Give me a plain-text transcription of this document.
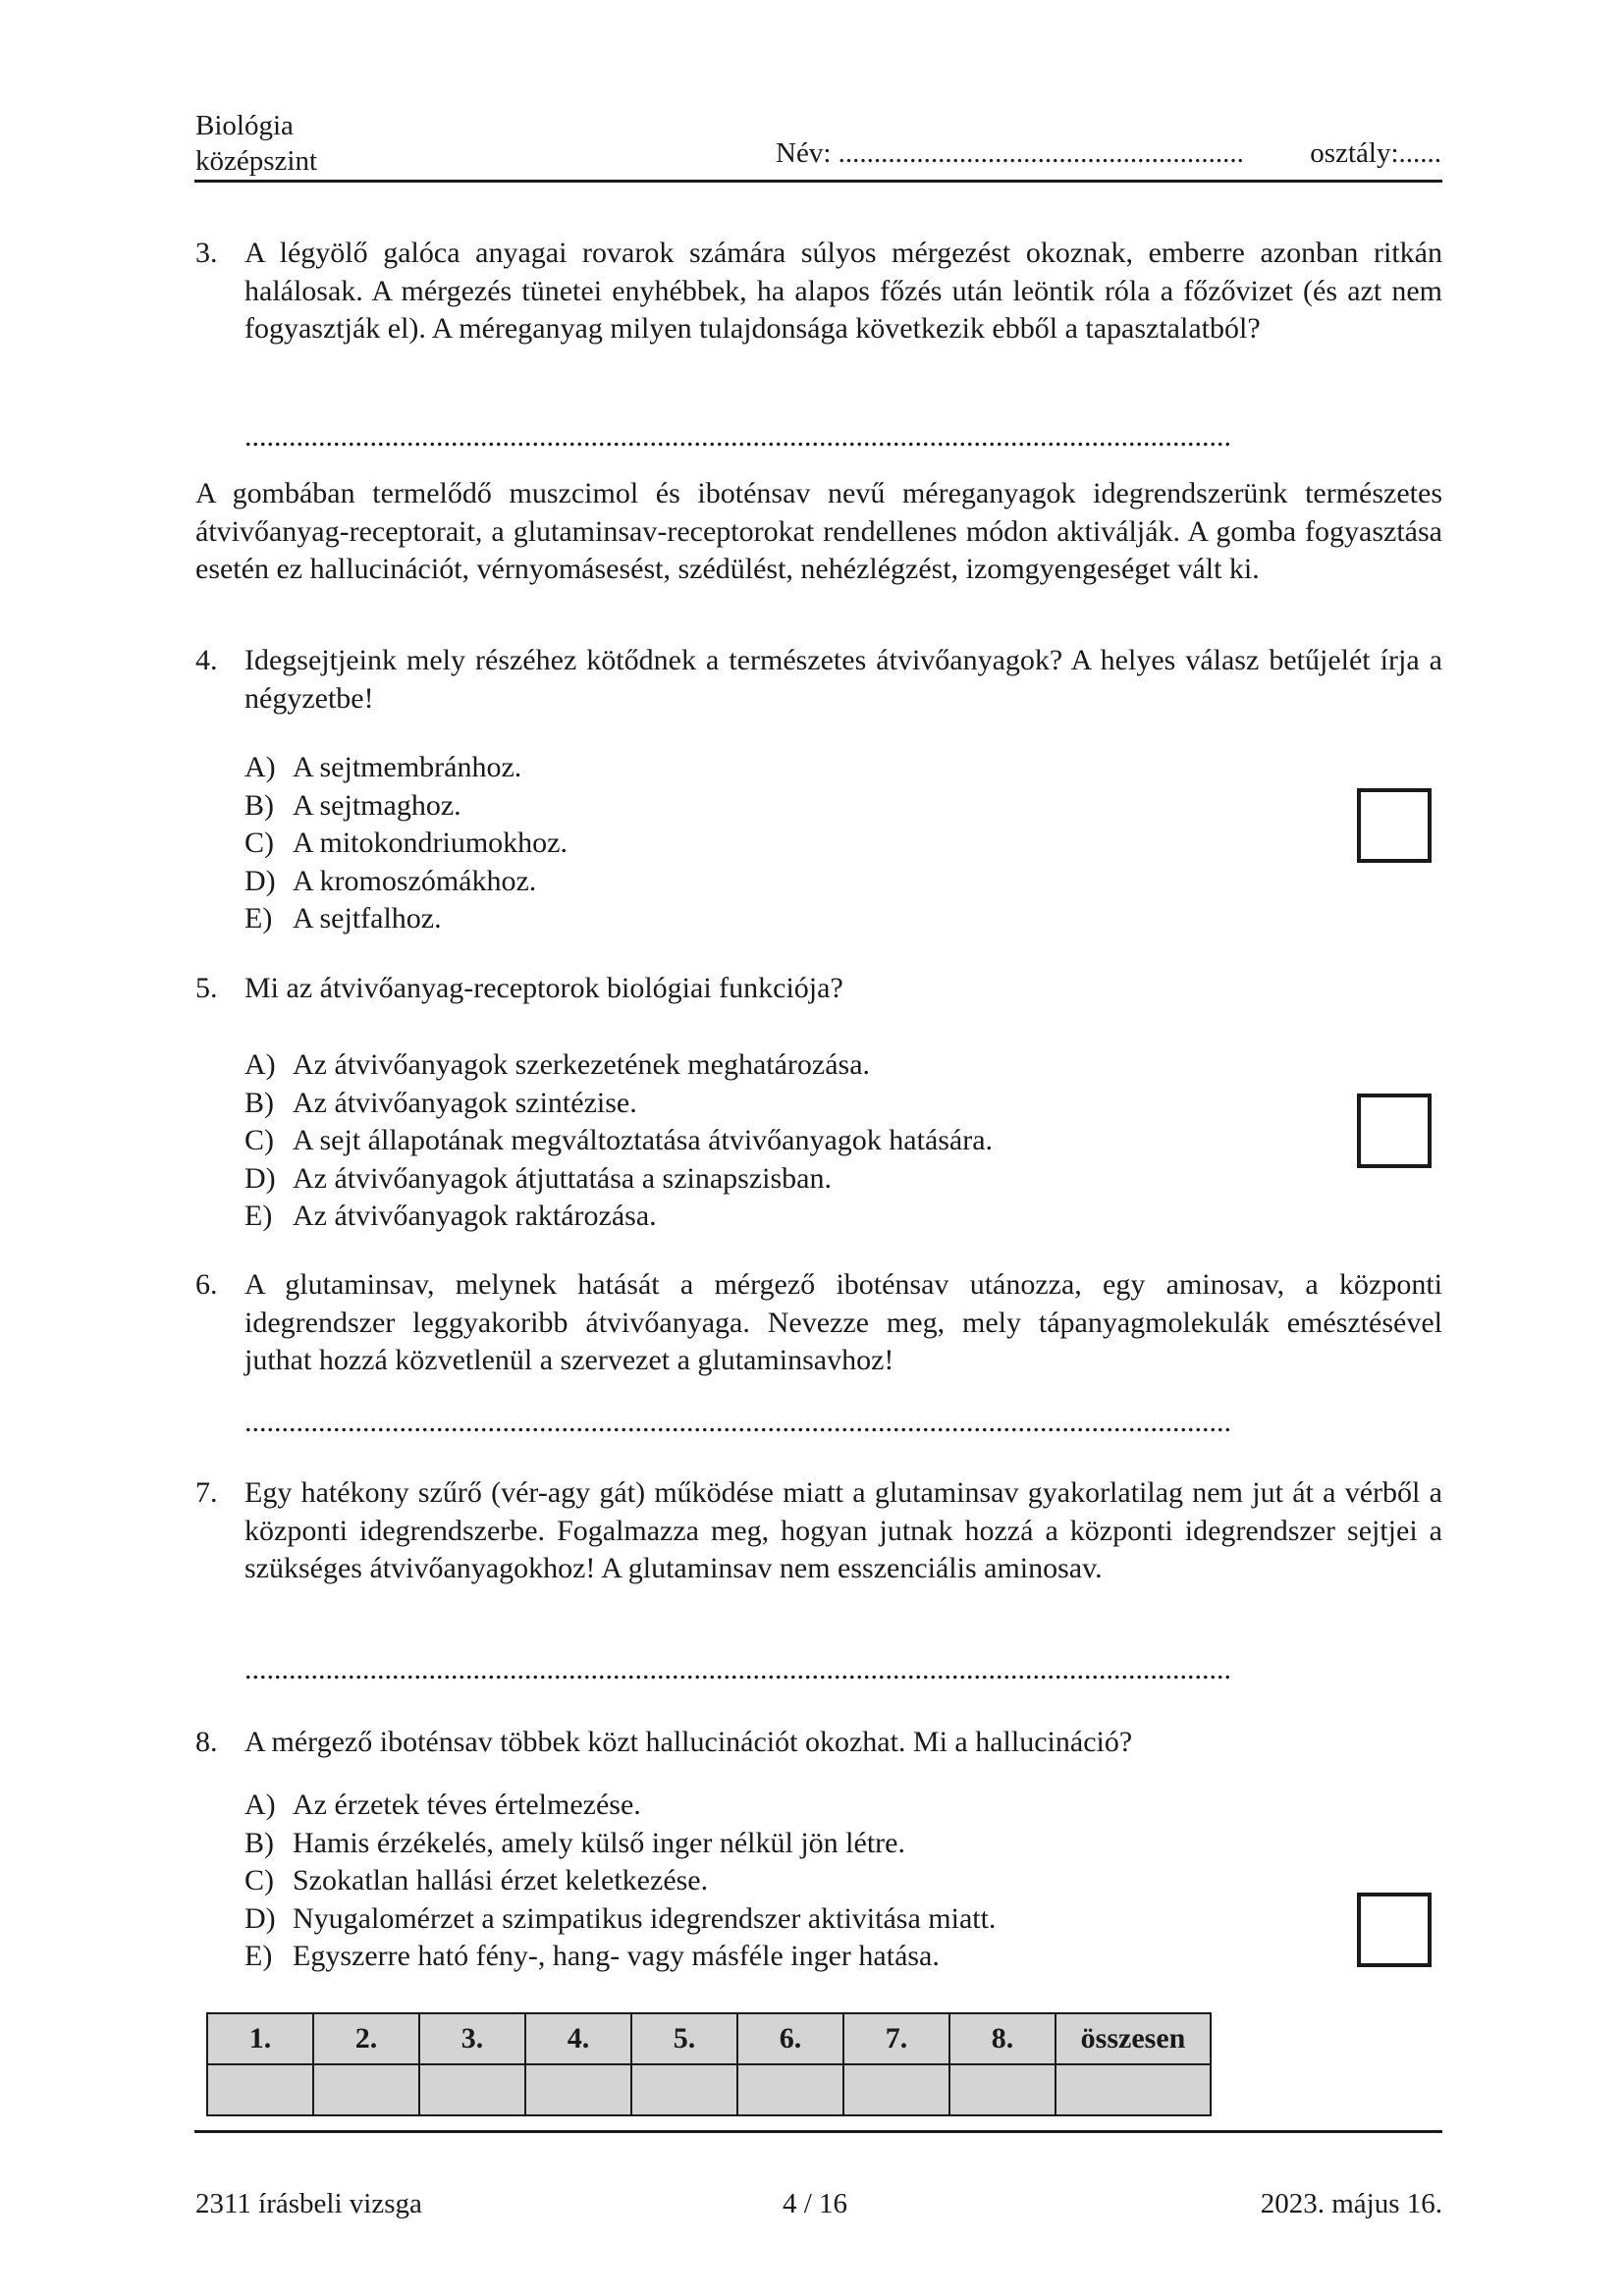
Biológia
középszint	Név: ......................................................... osztály:......
3. A légyölő galóca anyagai rovarok számára súlyos mérgezést okoznak, emberre azonban ritkán halálosak. A mérgezés tünetei enyhébbek, ha alapos főzés után leöntik róla a főzővizet (és azt nem fogyasztják el). A méreganyag milyen tulajdonsága következik ebből a tapasztalatból?
......................................................................................................................................
A gombában termelődő muszcimol és iboténsav nevű méreganyagok idegrendszerünk természetes átvivőanyag-receptorait, a glutaminsav-receptorokat rendellenes módon aktiválják. A gomba fogyasztása esetén ez hallucinációt, vérnyomásesést, szédülést, nehézlégzést, izomgyengeséget vált ki.
4. Idegsejtjeink mely részéhez kötődnek a természetes átvivőanyagok? A helyes válasz betűjelét írja a négyzetbe!
A) A sejtmembránhoz.
B) A sejtmaghoz.
C) A mitokondriumokhoz.
D) A kromoszómákhoz.
E) A sejtfalhoz.
5. Mi az átvivőanyag-receptorok biológiai funkciója?
A) Az átvivőanyagok szerkezetének meghatározása.
B) Az átvivőanyagok szintézise.
C) A sejt állapotának megváltoztatása átvivőanyagok hatására.
D) Az átvivőanyagok átjuttatása a szinapszisban.
E) Az átvivőanyagok raktározása.
6. A glutaminsav, melynek hatását a mérgező iboténsav utánozza, egy aminosav, a központi idegrendszer leggyakoribb átvivőanyaga. Nevezze meg, mely tápanyagmolekulák emésztésével juthat hozzá közvetlenül a szervezet a glutaminsavhoz!
......................................................................................................................................
7. Egy hatékony szűrő (vér-agy gát) működése miatt a glutaminsav gyakorlatilag nem jut át a vérből a központi idegrendszerbe. Fogalmazza meg, hogyan jutnak hozzá a központi idegrendszer sejtjei a szükséges átvivőanyagokhoz! A glutaminsav nem esszenciális aminosav.
......................................................................................................................................
8. A mérgező iboténsav többek közt hallucinációt okozhat. Mi a hallucináció?
A) Az érzetek téves értelmezése.
B) Hamis érzékelés, amely külső inger nélkül jön létre.
C) Szokatlan hallási érzet keletkezése.
D) Nyugalomérzet a szimpatikus idegrendszer aktivitása miatt.
E) Egyszerre ható fény-, hang- vagy másféle inger hatása.
1.	2.	3.	4.	5.	6.	7.	8.	összesen

2311 írásbeli vizsga	4 / 16	2023. május 16.
